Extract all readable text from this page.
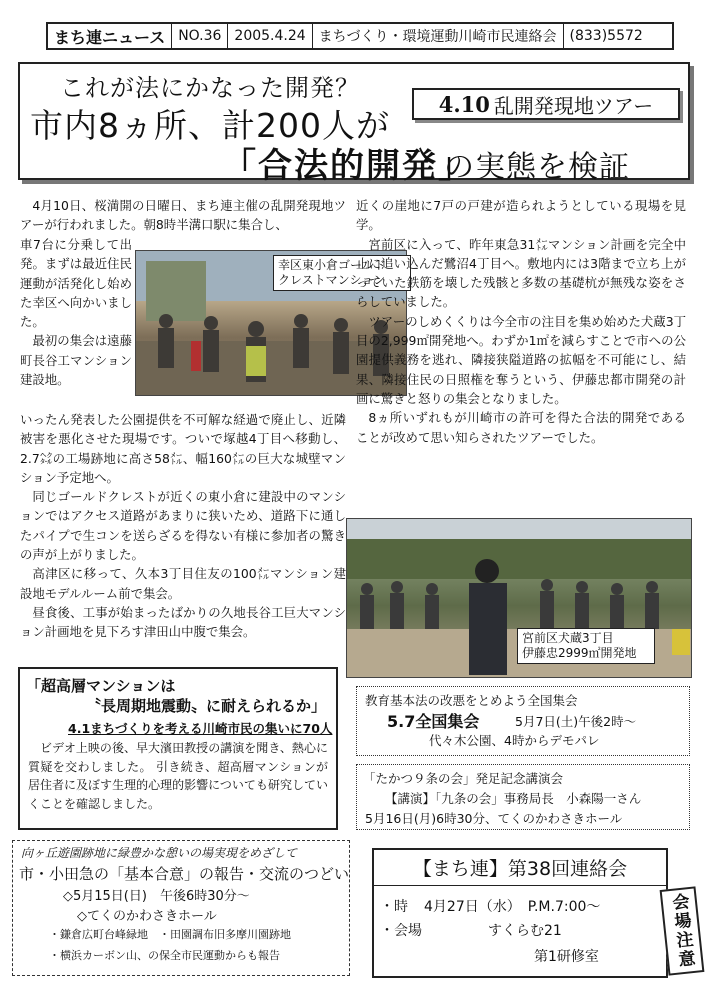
まち連ニュース NO.36 2005.4.24 まちづくり・環境運動川崎市民連絡会 (833)5572
これが法にかなった開発？
市内8ヵ所、計200人が
「合法的開発」
の実態を検証
4.10 乱開発現地ツアー

4月10日、桜満開の日曜日、まち連主催の乱開発現地ツアーが行われました。朝8時半溝口駅に集合し、

車7台に分乗して出発。まずは最近住民運動が活発化し始めた幸区へ向かいました。

最初の集会は遠藤町長谷工マンション建設地。

いったん発表した公園提供を不可解な経過で廃止し、近隣被害を悪化させた現場です。ついで塚越4丁目へ移動し、2.7㌶の工場跡地に高さ58㍍、幅160㍍の巨大な城壁マンション予定地へ。

同じゴールドクレストが近くの東小倉に建設中のマンションではアクセス道路があまりに狭いため、道路下に通したパイプで生コンを送らざるを得ない有様に参加者の驚きの声が上がりました。

高津区に移って、久本3丁目住友の100㍍マンション建設地モデルルーム前で集会。

昼食後、工事が始まったばかりの久地長谷工巨大マンション計画地を見下ろす津田山中腹で集会。

幸区東小倉ゴールド
クレストマンション

近くの崖地に7戸の戸建が造られようとしている現場を見学。

宮前区に入って、昨年東急31㍍マンション計画を完全中止に追い込んだ鷺沼4丁目へ。敷地内には3階まで立ち上がっていた鉄筋を壊した残骸と多数の基礎杭が無残な姿をさらしていました。

ツアーのしめくくりは今全市の注目を集め始めた犬蔵3丁目の2,999㎡開発地へ。わずか1㎡を減らすことで市への公園提供義務を逃れ、隣接狭隘道路の拡幅を不可能にし、結果、隣接住民の日照権を奪うという、伊藤忠都市開発の計画に驚きと怒りの集会となりました。

8ヵ所いずれもが川崎市の許可を得た合法的開発であることが改めて思い知らされたツアーでした。

宮前区犬蔵3丁目
伊藤忠2999㎡開発地
「超高層マンションは
〝長周期地震動〟に耐えられるか」
4.1まちづくりを考える川崎市民の集いに70人

ビデオ上映の後、早大濱田教授の講演を聞き、熱心に質疑を交わしました。 引き続き、超高層マンションが居住者に及ぼす生理的心理的影響についても研究していくことを確認しました。

教育基本法の改悪をとめよう全国集会
5.7全国集会	5月7日(土)午後2時～
代々木公園、4時からデモパレ
「たかつ９条の会」発足記念講演会
【講演】「九条の会」事務局長　小森陽一さん
5月16日(月)6時30分、てくのかわさきホール
向ヶ丘遊園跡地に緑豊かな憩いの場実現をめざして
市・小田急の「基本合意」の報告・交流のつどい
◇5月15日(日)　午後6時30分～
◇てくのかわさきホール
・鎌倉広町台峰緑地　・田園調布旧多摩川園跡地
・横浜カーボン山、の保全市民運動からも報告
【まち連】第38回連絡会
・時 4月27日（水）　P.M.7:00～
・会場	すくらむ21
第1研修室	会場注意
